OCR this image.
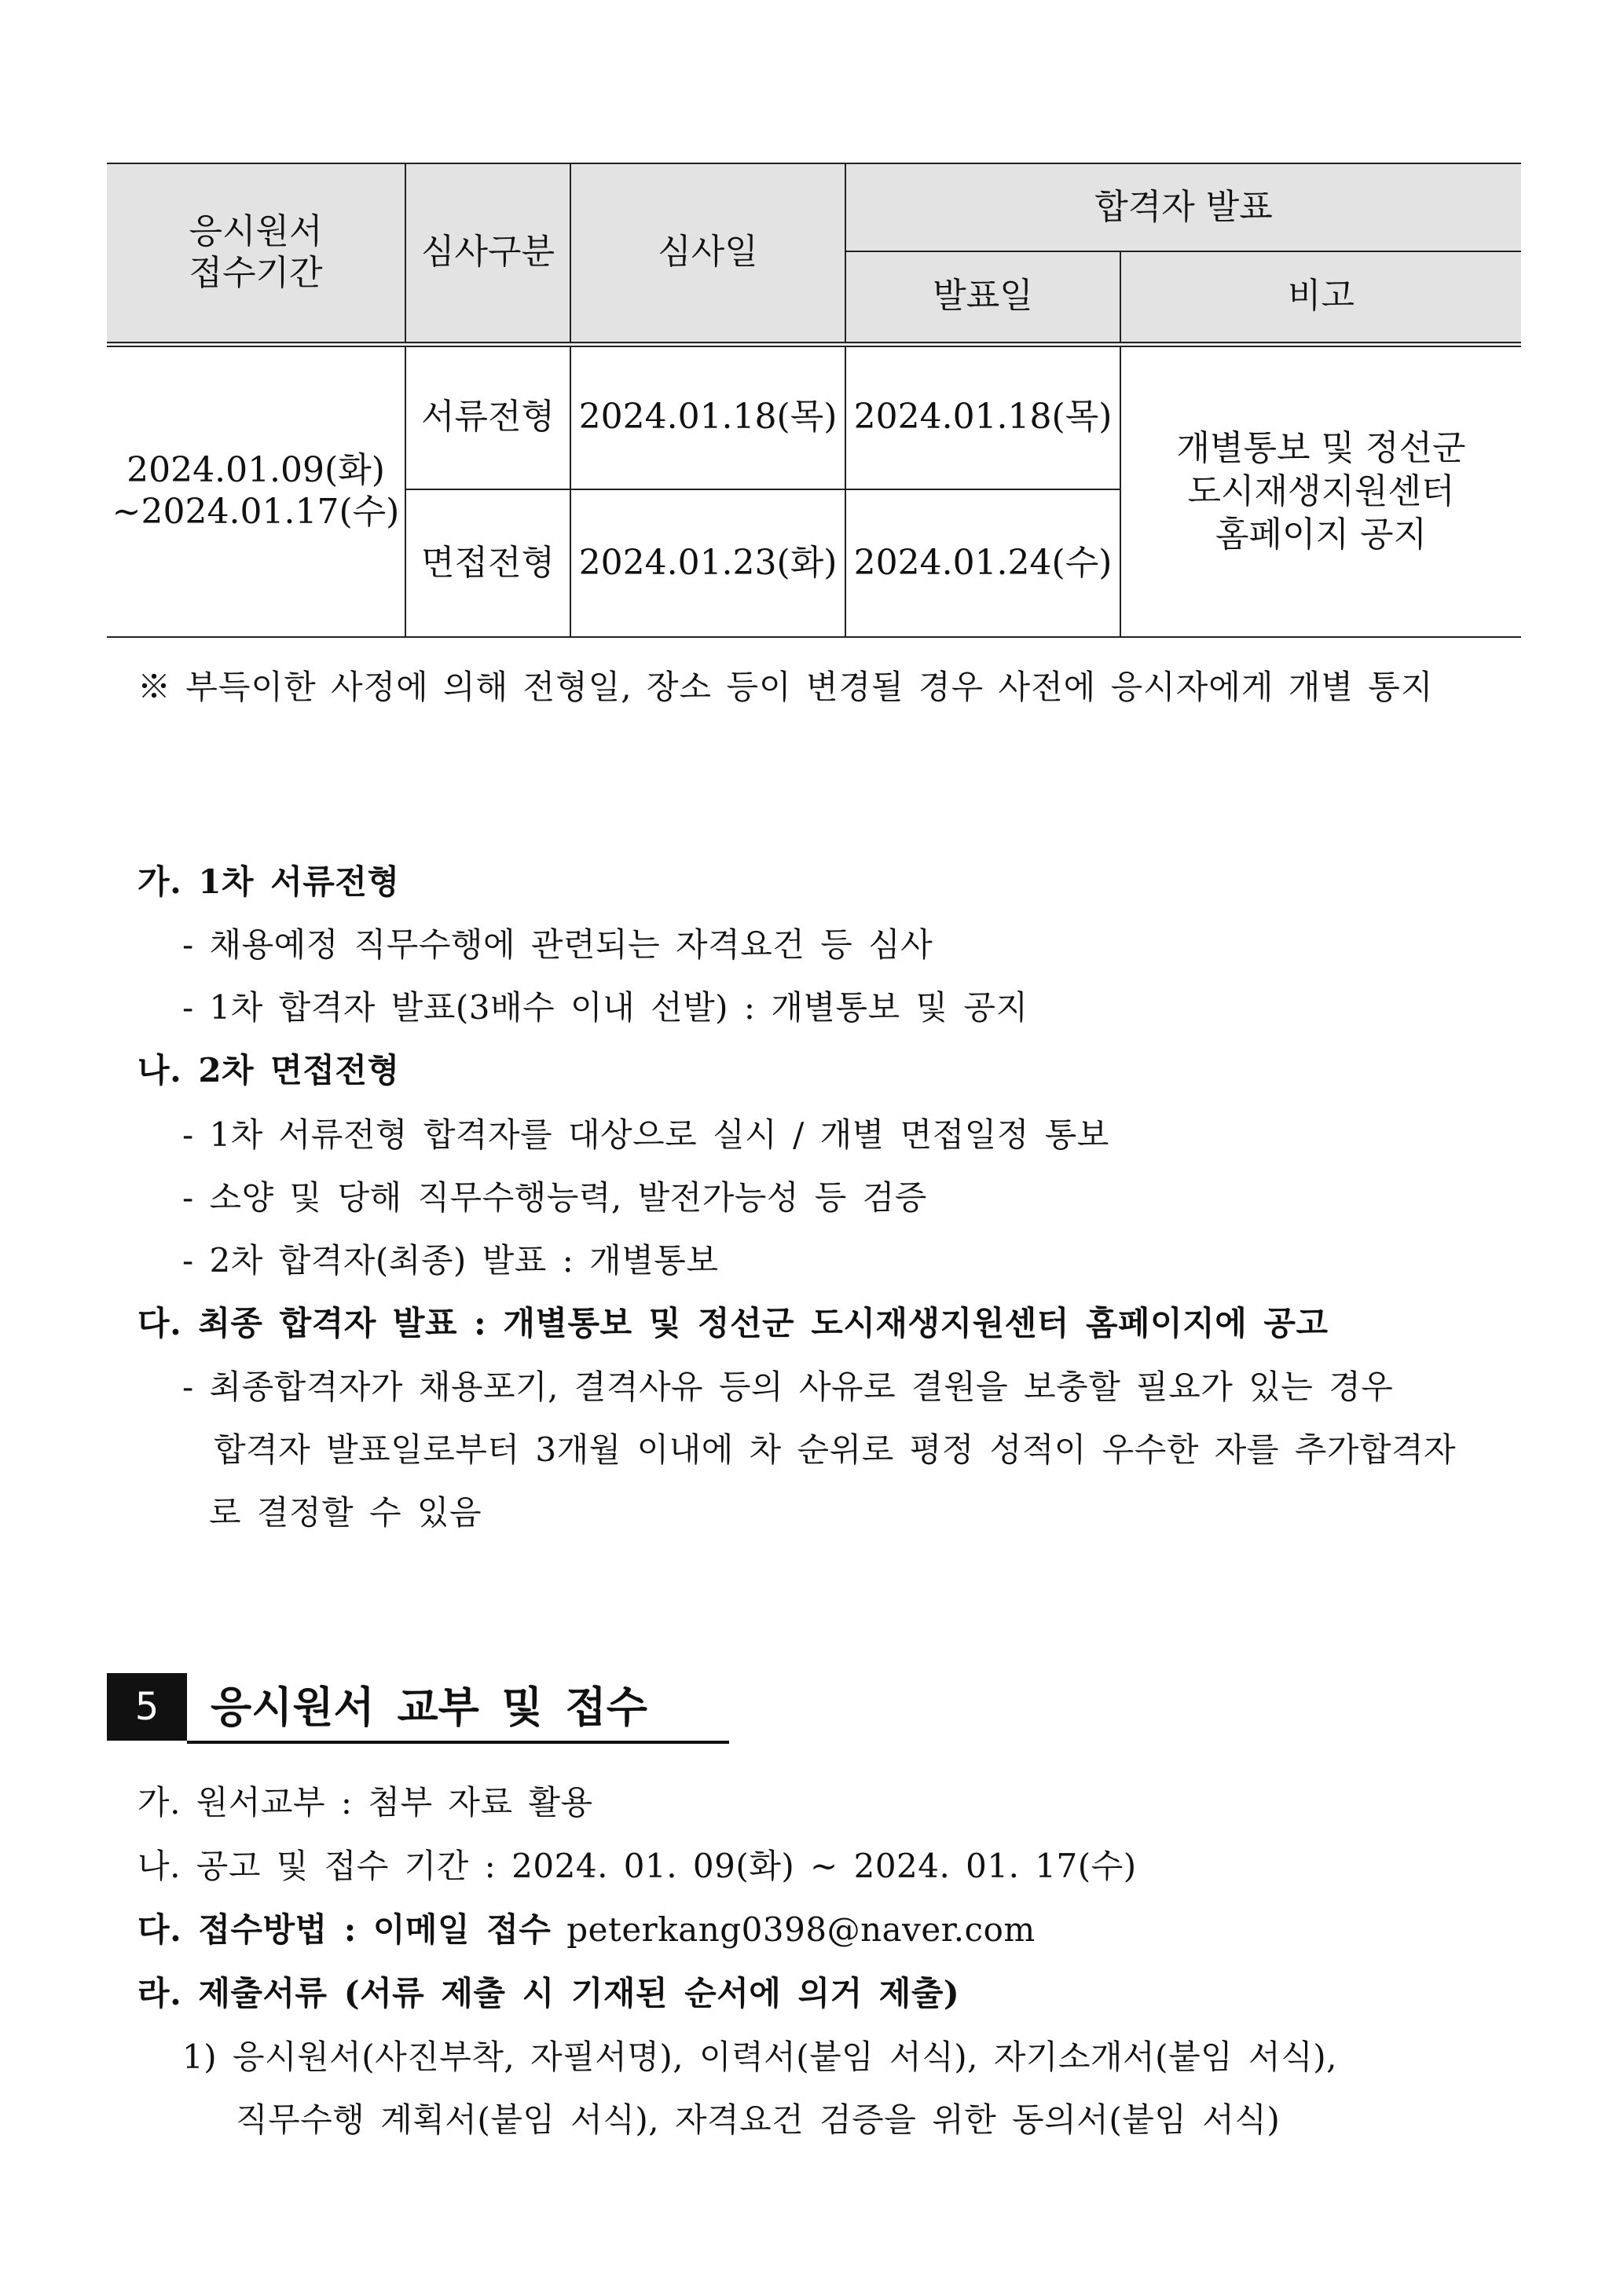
응시원서
접수기간	심사구분	심사일	합격자 발표	
			발표일	비고
2024.01.09(화)
~2024.01.17(수)	서류전형	2024.01.18(목)	2024.01.18(목)	개별통보 및 정선군
도시재생지원센터
홈페이지 공지
	면접전형	2024.01.23(화)	2024.01.24(수)	
※ 부득이한 사정에 의해 전형일, 장소 등이 변경될 경우 사전에 응시자에게 개별 통지
가. 1차 서류전형
- 채용예정 직무수행에 관련되는 자격요건 등 심사
- 1차 합격자 발표(3배수 이내 선발) : 개별통보 및 공지
나. 2차 면접전형
- 1차 서류전형 합격자를 대상으로 실시 / 개별 면접일정 통보
- 소양 및 당해 직무수행능력, 발전가능성 등 검증
- 2차 합격자(최종) 발표 : 개별통보
다. 최종 합격자 발표 : 개별통보 및 정선군 도시재생지원센터 홈페이지에 공고
- 최종합격자가 채용포기, 결격사유 등의 사유로 결원을 보충할 필요가 있는 경우
합격자 발표일로부터 3개월 이내에 차 순위로 평정 성적이 우수한 자를 추가합격자
로 결정할 수 있음
5	응시원서 교부 및 접수
가. 원서교부 : 첨부 자료 활용
나. 공고 및 접수 기간 : 2024. 01. 09(화) ~ 2024. 01. 17(수)
다. 접수방법 : 이메일 접수 peterkang0398@naver.com
라. 제출서류 (서류 제출 시 기재된 순서에 의거 제출)
1) 응시원서(사진부착, 자필서명), 이력서(붙임 서식), 자기소개서(붙임 서식),
직무수행 계획서(붙임 서식), 자격요건 검증을 위한 동의서(붙임 서식)
